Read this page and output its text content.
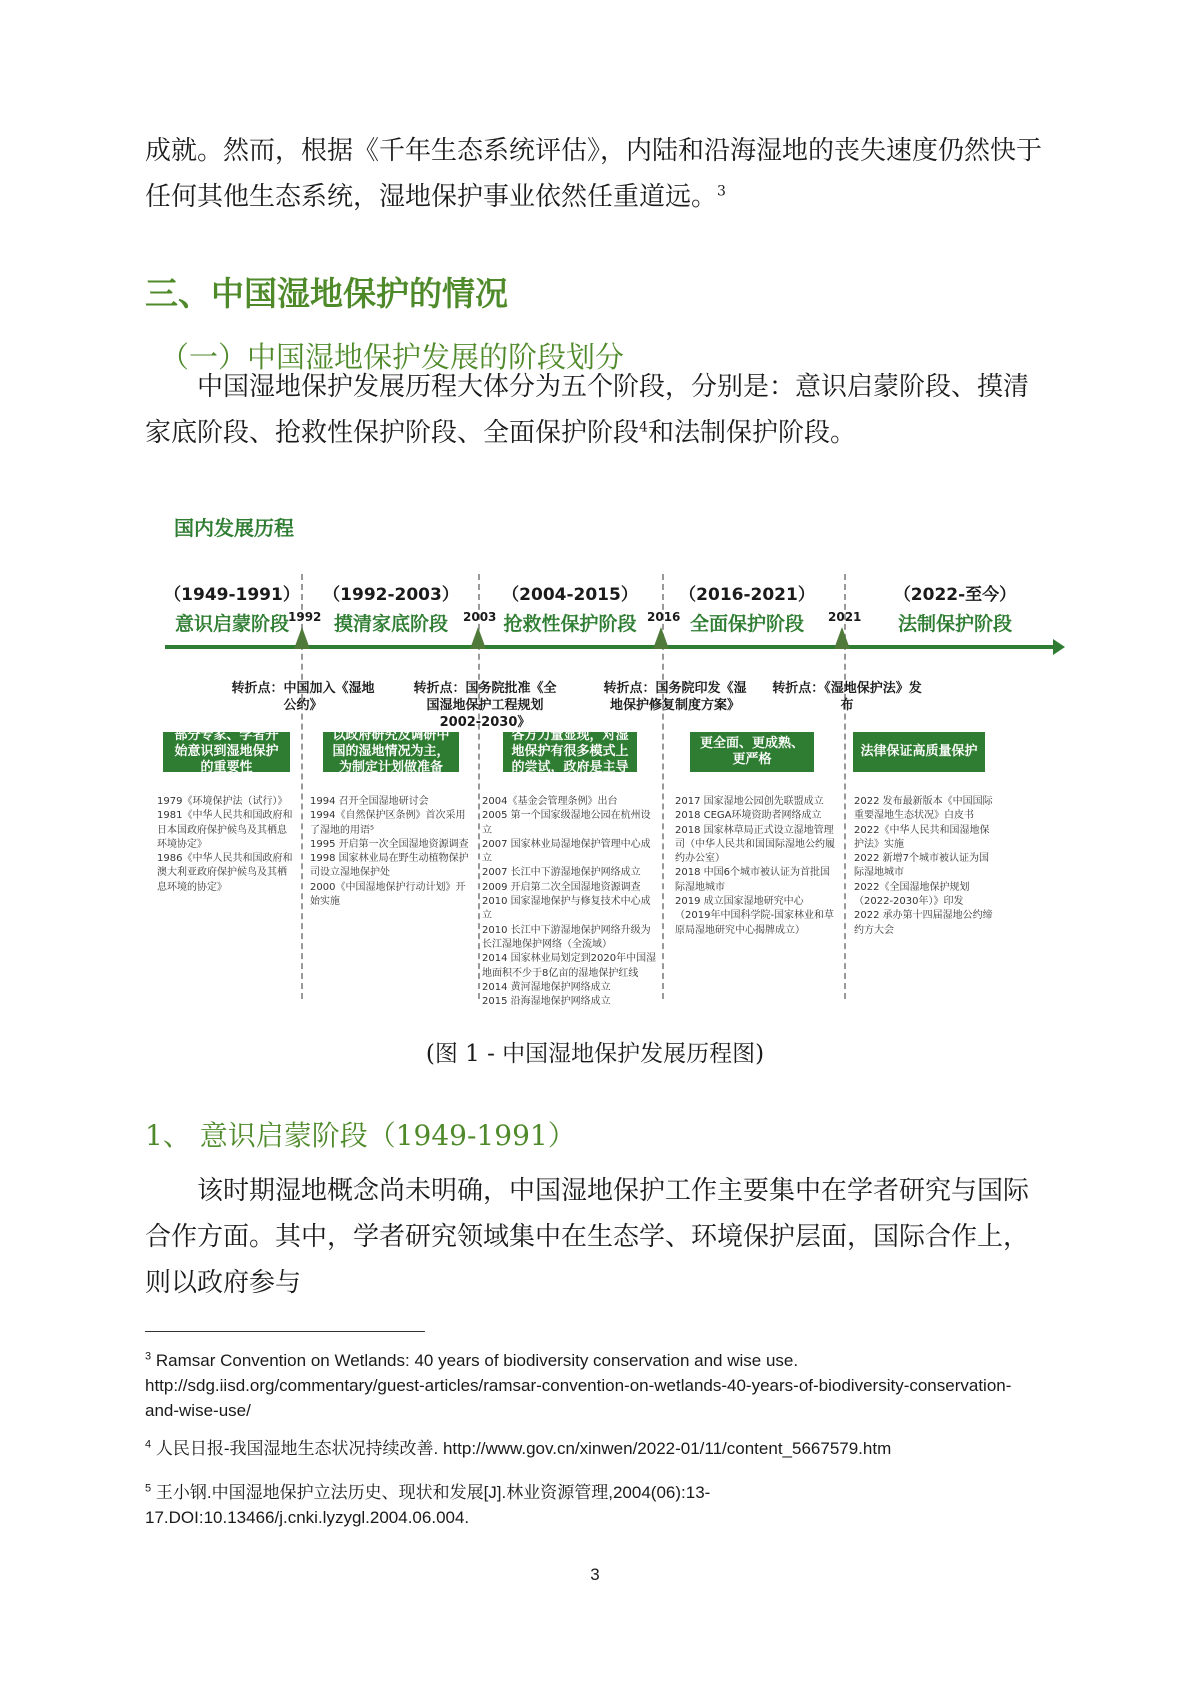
成就。然而，根据《千年生态系统评估》，内陆和沿海湿地的丧失速度仍然快于任何其他生态系统，湿地保护事业依然任重道远。$^3$

三、中国湿地保护的情况
（一）中国湿地保护发展的阶段划分

中国湿地保护发展历程大体分为五个阶段，分别是：意识启蒙阶段、摸清家底阶段、抢救性保护阶段、全面保护阶段$^4$和法制保护阶段。

国内发展历程
（1949-1991）
意识启蒙阶段
（1992-2003）
摸清家底阶段
（2004-2015）
抢救性保护阶段
（2016-2021）
全面保护阶段
（2022-至今）
法制保护阶段
1992	2003	2016	2021
转折点：中国加入《湿地公约》
转折点：国务院批准《全国湿地保护工程规划2002-2030》
转折点：国务院印发《湿地保护修复制度方案》
转折点：《湿地保护法》发布
部分专家、学者开始意识到湿地保护的重要性
以政府研究及调研中国的湿地情况为主，为制定计划做准备
各方力量显现，对湿地保护有很多模式上的尝试，政府是主导
更全面、更成熟、更严格
法律保证高质量保护
1979《环境保护法（试行）》
1981《中华人民共和国政府和日本国政府保护候鸟及其栖息环境协定》
1986《中华人民共和国政府和澳大利亚政府保护候鸟及其栖息环境的协定》
1994 召开全国湿地研讨会
1994《自然保护区条例》首次采用了湿地的用语⁵
1995 开启第一次全国湿地资源调查
1998 国家林业局在野生动植物保护司设立湿地保护处
2000《中国湿地保护行动计划》开始实施
2004《基金会管理条例》出台
2005 第一个国家级湿地公园在杭州设立
2007 国家林业局湿地保护管理中心成立
2007 长江中下游湿地保护网络成立
2009 开启第二次全国湿地资源调查
2010 国家湿地保护与修复技术中心成立
2010 长江中下游湿地保护网络升级为长江湿地保护网络（全流域）
2014 国家林业局划定到2020年中国湿地面积不少于8亿亩的湿地保护红线
2014 黄河湿地保护网络成立
2015 沿海湿地保护网络成立
2017 国家湿地公园创先联盟成立
2018 CEGA环境资助者网络成立
2018 国家林草局正式设立湿地管理司（中华人民共和国国际湿地公约履约办公室）
2018 中国6个城市被认证为首批国际湿地城市
2019 成立国家湿地研究中心（2019年中国科学院-国家林业和草原局湿地研究中心揭牌成立）
2022 发布最新版本《中国国际重要湿地生态状况》白皮书
2022《中华人民共和国湿地保护法》实施
2022 新增7个城市被认证为国际湿地城市
2022《全国湿地保护规划（2022-2030年）》印发
2022 承办第十四届湿地公约缔约方大会

(图 1 - 中国湿地保护发展历程图)

1、 意识启蒙阶段（1949-1991）

该时期湿地概念尚未明确，中国湿地保护工作主要集中在学者研究与国际合作方面。其中，学者研究领域集中在生态学、环境保护层面，国际合作上，则以政府参与

$^3$ Ramsar Convention on Wetlands: 40 years of biodiversity conservation and wise use. http://sdg.iisd.org/commentary/guest-articles/ramsar-convention-on-wetlands-40-years-of-biodiversity-conservation-and-wise-use/

$^4$ 人民日报-我国湿地生态状况持续改善. http://www.gov.cn/xinwen/2022-01/11/content_5667579.htm

$^5$ 王小钢.中国湿地保护立法历史、现状和发展[J].林业资源管理,2004(06):13-17.DOI:10.13466/j.cnki.lyzygl.2004.06.004.

3
